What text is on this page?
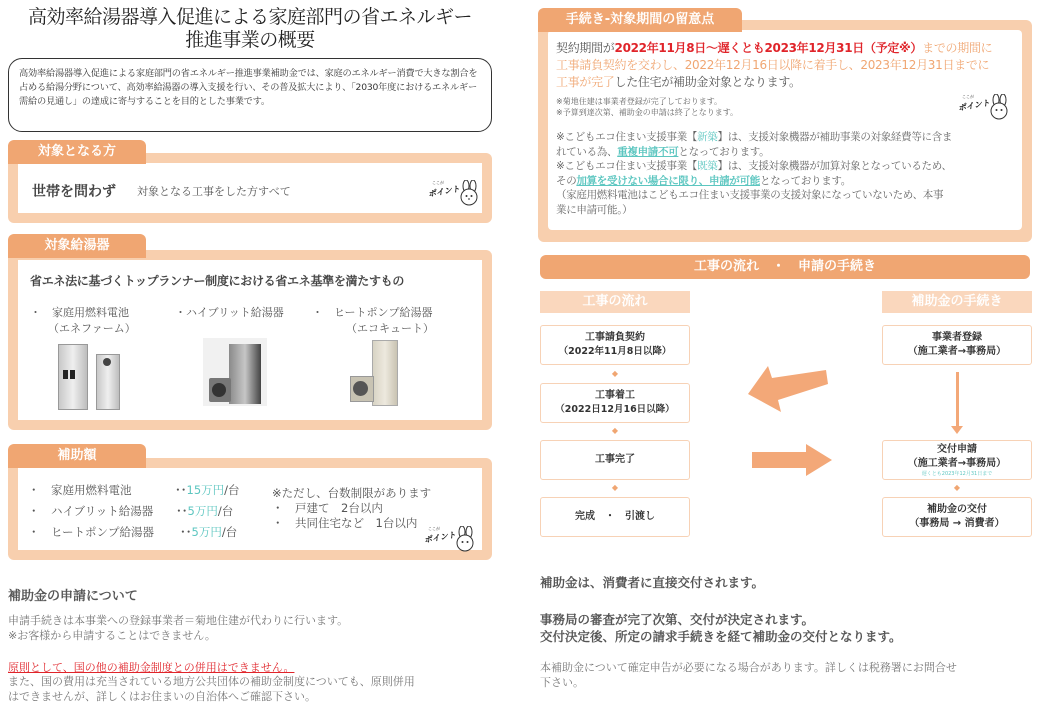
高効率給湯器導入促進による家庭部門の省エネルギー
推進事業の概要
高効率給湯器導入促進による家庭部門の省エネルギー推進事業補助金では、家庭のエネルギー消費で大きな割合を占める給湯分野について、高効率給湯器の導入支援を行い、その普及拡大により、「2030年度におけるエネルギー需給の見通し」の達成に寄与することを目的とした事業です。
対象となる方
世帯を問わず 対象となる工事をした方すべて
ここが
ポイント
対象給湯器
省エネ法に基づくトップランナー制度における省エネ基準を満たすもの
・　家庭用燃料電池
（エネファーム）
・ハイブリット給湯器	・　ヒートポンプ給湯器
（エコキュート）
補助額
・　家庭用燃料電池	･･15万円/台
・　ハイブリット給湯器 ･･5万円/台
・　ヒートポンプ給湯器 ･･5万円/台
※ただし、台数制限があります
・　戸建て　2台以内
・　共同住宅など　1台以内	ここが
ポイント
補助金の申請について
申請手続きは本事業への登録事業者＝菊地住建が代わりに行います。
※お客様から申請することはできません。
原則として、国の他の補助金制度との併用はできません。
また、国の費用は充当されている地方公共団体の補助金制度についても、原則併用
はできませんが、詳しくはお住まいの自治体へご確認下さい。
手続き-対象期間の留意点
契約期間が2022年11月8日～遅くとも2023年12月31日（予定※）までの期間に
工事請負契約を交わし、2022年12月16日以降に着手し、2023年12月31日までに
工事が完了した住宅が補助金対象となります。
※菊地住建は事業者登録が完了しております。
※予算到達次第、補助金の申請は終了となります。
ここが
ポイント
※こどもエコ住まい支援事業【新築】は、支援対象機器が補助事業の対象経費等に含ま
れている為、重複申請不可となっております。
※こどもエコ住まい支援事業【既築】は、支援対象機器が加算対象となっているため、
その加算を受けない場合に限り、申請が可能となっております。
（家庭用燃料電池はこどもエコ住まい支援事業の支援対象になっていないため、本事
業に申請可能。）
工事の流れ　・　申請の手続き
工事の流れ	補助金の手続き
工事請負契約
（2022年11月8日以降）
◆
工事着工
（2022日12月16日以降）
◆
工事完了
◆
完成　・　引渡し
事業者登録
（施工業者→事務局）
交付申請
（施工業者→事務局）
遅くとも2023年12月31日まで
◆
補助金の交付
（事務局 → 消費者）
補助金は、消費者に直接交付されます。
事務局の審査が完了次第、交付が決定されます。
交付決定後、所定の請求手続きを経て補助金の交付となります。
本補助金について確定申告が必要になる場合があります。詳しくは税務署にお問合せ
下さい。
